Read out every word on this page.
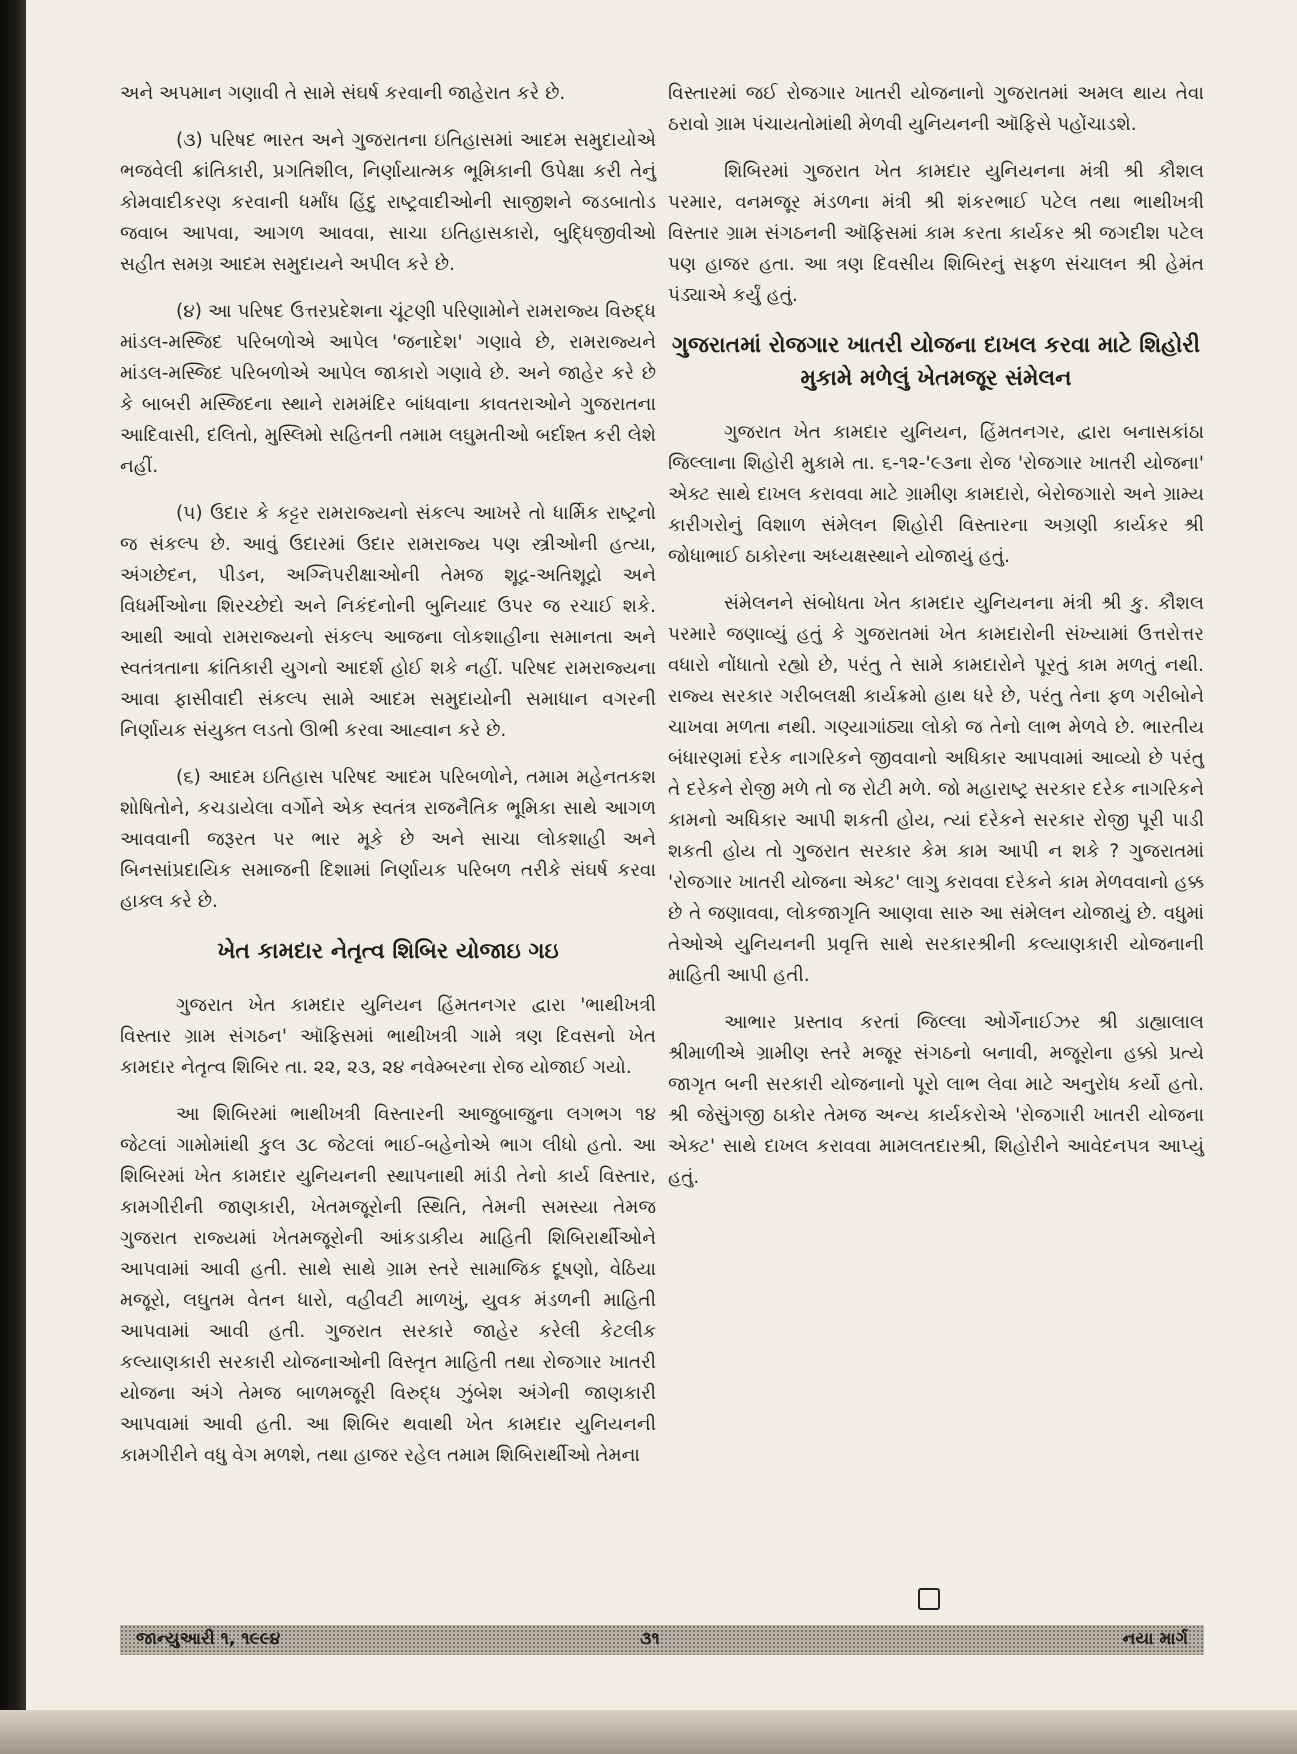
અને અપમાન ગણાવી તે સામે સંઘર્ષ કરવાની જાહેરાત કરે છે.

(૩) પરિષદ ભારત અને ગુજરાતના ઇતિહાસમાં આદમ સમુદાયોએ ભજવેલી ક્રાંતિકારી, પ્રગતિશીલ, નિર્ણાયાત્મક ભૂમિકાની ઉપેક્ષા કરી તેનું કોમવાદીકરણ કરવાની ધર્માંધ હિંદુ રાષ્ટ્રવાદીઓની સાજીશને જડબાતોડ જવાબ આપવા, આગળ આવવા, સાચા ઇતિહાસકારો, બુદ્ધિજીવીઓ સહીત સમગ્ર આદમ સમુદાયને અપીલ કરે છે.

(૪) આ પરિષદ ઉત્તરપ્રદેશના ચૂંટણી પરિણામોને રામરાજ્ય વિરુદ્ધ માંડલ-મસ્જિદ પરિબળોએ આપેલ 'જનાદેશ' ગણાવે છે, રામરાજ્યને માંડલ-મસ્જિદ પરિબળોએ આપેલ જાકારો ગણાવે છે. અને જાહેર કરે છે કે બાબરી મસ્જિદના સ્થાને રામમંદિર બાંધવાના કાવતરાઓને ગુજરાતના આદિવાસી, દલિતો, મુસ્લિમો સહિતની તમામ લઘુમતીઓ બર્દાશ્ત કરી લેશે નહીં.

(૫) ઉદાર કે કટ્ટર રામરાજ્યનો સંકલ્પ આખરે તો ધાર્મિક રાષ્ટ્રનો જ સંકલ્પ છે. આવું ઉદારમાં ઉદાર રામરાજ્ય પણ સ્ત્રીઓની હત્યા, અંગછેદન, પીડન, અગ્નિપરીક્ષાઓની તેમજ શૂદ્ર-અતિશૂદ્રો અને વિધર્મીઓના શિરચ્છેદો અને નિકંદનોની બુનિયાદ ઉપર જ રચાઈ શકે. આથી આવો રામરાજ્યનો સંકલ્પ આજના લોકશાહીના સમાનતા અને સ્વતંત્રતાના ક્રાંતિકારી યુગનો આદર્શ હોઈ શકે નહીં. પરિષદ રામરાજ્યના આવા ફાસીવાદી સંકલ્પ સામે આદમ સમુદાયોની સમાધાન વગરની નિર્ણાયક સંયુક્ત લડતો ઊભી કરવા આહ્વાન કરે છે.

(૬) આદમ ઇતિહાસ પરિષદ આદમ પરિબળોને, તમામ મહેનતકશ શોષિતોને, કચડાયેલા વર્ગોને એક સ્વતંત્ર રાજનૈતિક ભૂમિકા સાથે આગળ આવવાની જરૂરત પર ભાર મૂકે છે અને સાચા લોકશાહી અને બિનસાંપ્રદાયિક સમાજની દિશામાં નિર્ણાયક પરિબળ તરીકે સંઘર્ષ કરવા હાક્લ કરે છે.

ખેત કામદાર નેતૃત્વ શિબિર યોજાઇ ગઇ

ગુજરાત ખેત કામદાર યુનિયન હિંમતનગર દ્વારા 'ભાથીખત્રી વિસ્તાર ગ્રામ સંગઠન' ઑફિસમાં ભાથીખત્રી ગામે ત્રણ દિવસનો ખેત કામદાર નેતૃત્વ શિબિર તા. ૨૨, ૨૩, ૨૪ નવેમ્બરના રોજ યોજાઈ ગયો.

આ શિબિરમાં ભાથીખત્રી વિસ્તારની આજુબાજુના લગભગ ૧૪ જેટલાં ગામોમાંથી કુલ ૩૮ જેટલાં ભાઈ-બહેનોએ ભાગ લીધો હતો. આ શિબિરમાં ખેત કામદાર યુનિયનની સ્થાપનાથી માંડી તેનો કાર્ય વિસ્તાર, કામગીરીની જાણકારી, ખેતમજૂરોની સ્થિતિ, તેમની સમસ્યા તેમજ ગુજરાત રાજ્યમાં ખેતમજૂરોની આંકડાકીય માહિતી શિબિરાર્થીઓને આપવામાં આવી હતી. સાથે સાથે ગ્રામ સ્તરે સામાજિક દૂષણો, વેઠિયા મજૂરો, લઘુતમ વેતન ધારો, વહીવટી માળખું, યુવક મંડળની માહિતી આપવામાં આવી હતી. ગુજરાત સરકારે જાહેર કરેલી કેટલીક કલ્યાણકારી સરકારી યોજનાઓની વિસ્તૃત માહિતી તથા રોજગાર ખાતરી યોજના અંગે તેમજ બાળમજૂરી વિરુદ્ધ ઝુંબેશ અંગેની જાણકારી આપવામાં આવી હતી. આ શિબિર થવાથી ખેત કામદાર યુનિયનની કામગીરીને વધુ વેગ મળશે, તથા હાજર રહેલ તમામ શિબિરાર્થીઓ તેમના

વિસ્તારમાં જઈ રોજગાર ખાતરી યોજનાનો ગુજરાતમાં અમલ થાય તેવા ઠરાવો ગ્રામ પંચાયતોમાંથી મેળવી યુનિયનની ઑફિસે પહોંચાડશે.

શિબિરમાં ગુજરાત ખેત કામદાર યુનિયનના મંત્રી શ્રી કૌશલ પરમાર, વનમજૂર મંડળના મંત્રી શ્રી શંકરભાઈ પટેલ તથા ભાથીખત્રી વિસ્તાર ગ્રામ સંગઠનની ઑફિસમાં કામ કરતા કાર્યકર શ્રી જગદીશ પટેલ પણ હાજર હતા. આ ત્રણ દિવસીય શિબિરનું સફળ સંચાલન શ્રી હેમંત પંડ્યાએ કર્યું હતું.

ગુજરાતમાં રોજગાર ખાતરી યોજના દાખલ કરવા માટે શિહોરી મુકામે મળેલું ખેતમજૂર સંમેલન

ગુજરાત ખેત કામદાર યુનિયન, હિંમતનગર, દ્વારા બનાસકાંઠા જિલ્લાના શિહોરી મુકામે તા. ૬-૧૨-'૯૩ના રોજ 'રોજગાર ખાતરી યોજના' એક્ટ સાથે દાખલ કરાવવા માટે ગ્રામીણ કામદારો, બેરોજગારો અને ગ્રામ્ય કારીગરોનું વિશાળ સંમેલન શિહોરી વિસ્તારના અગ્રણી કાર્યકર શ્રી જોધાભાઈ ઠાકોરના અધ્યક્ષસ્થાને યોજાયું હતું.

સંમેલનને સંબોધતા ખેત કામદાર યુનિયનના મંત્રી શ્રી કુ. કૌશલ પરમારે જણાવ્યું હતું કે ગુજરાતમાં ખેત કામદારોની સંખ્યામાં ઉત્તરોત્તર વધારો નોંધાતો રહ્યો છે, પરંતુ તે સામે કામદારોને પૂરતું કામ મળતું નથી. રાજ્ય સરકાર ગરીબલક્ષી કાર્યક્રમો હાથ ધરે છે, પરંતુ તેના ફળ ગરીબોને ચાખવા મળતા નથી. ગણ્યાગાંઠ્યા લોકો જ તેનો લાભ મેળવે છે. ભારતીય બંધારણમાં દરેક નાગરિકને જીવવાનો અધિકાર આપવામાં આવ્યો છે પરંતુ તે દરેકને રોજી મળે તો જ રોટી મળે. જો મહારાષ્ટ્ર સરકાર દરેક નાગરિકને કામનો અધિકાર આપી શકતી હોય, ત્યાં દરેકને સરકાર રોજી પૂરી પાડી શકતી હોય તો ગુજરાત સરકાર કેમ કામ આપી ન શકે ? ગુજરાતમાં 'રોજગાર ખાતરી યોજના એક્ટ' લાગુ કરાવવા દરેકને કામ મેળવવાનો હક્ક છે તે જણાવવા, લોકજાગૃતિ આણવા સારુ આ સંમેલન યોજાયું છે. વધુમાં તેઓએ યુનિયનની પ્રવૃત્તિ સાથે સરકારશ્રીની કલ્યાણકારી યોજનાની માહિતી આપી હતી.

આભાર પ્રસ્તાવ કરતાં જિલ્લા ઓર્ગેનાઈઝર શ્રી ડાહ્યાલાલ શ્રીમાળીએ ગ્રામીણ સ્તરે મજૂર સંગઠનો બનાવી, મજૂરોના હક્કો પ્રત્યે જાગૃત બની સરકારી યોજનાનો પૂરો લાભ લેવા માટે અનુરોધ કર્યો હતો. શ્રી જેસુંગજી ઠાકોર તેમજ અન્ય કાર્યકરોએ 'રોજગારી ખાતરી યોજના એક્ટ' સાથે દાખલ કરાવવા મામલતદારશ્રી, શિહોરીને આવેદનપત્ર આપ્યું હતું.

જાન્યુઆરી ૧, ૧૯૯૪	૩૧	નયા માર્ગ
